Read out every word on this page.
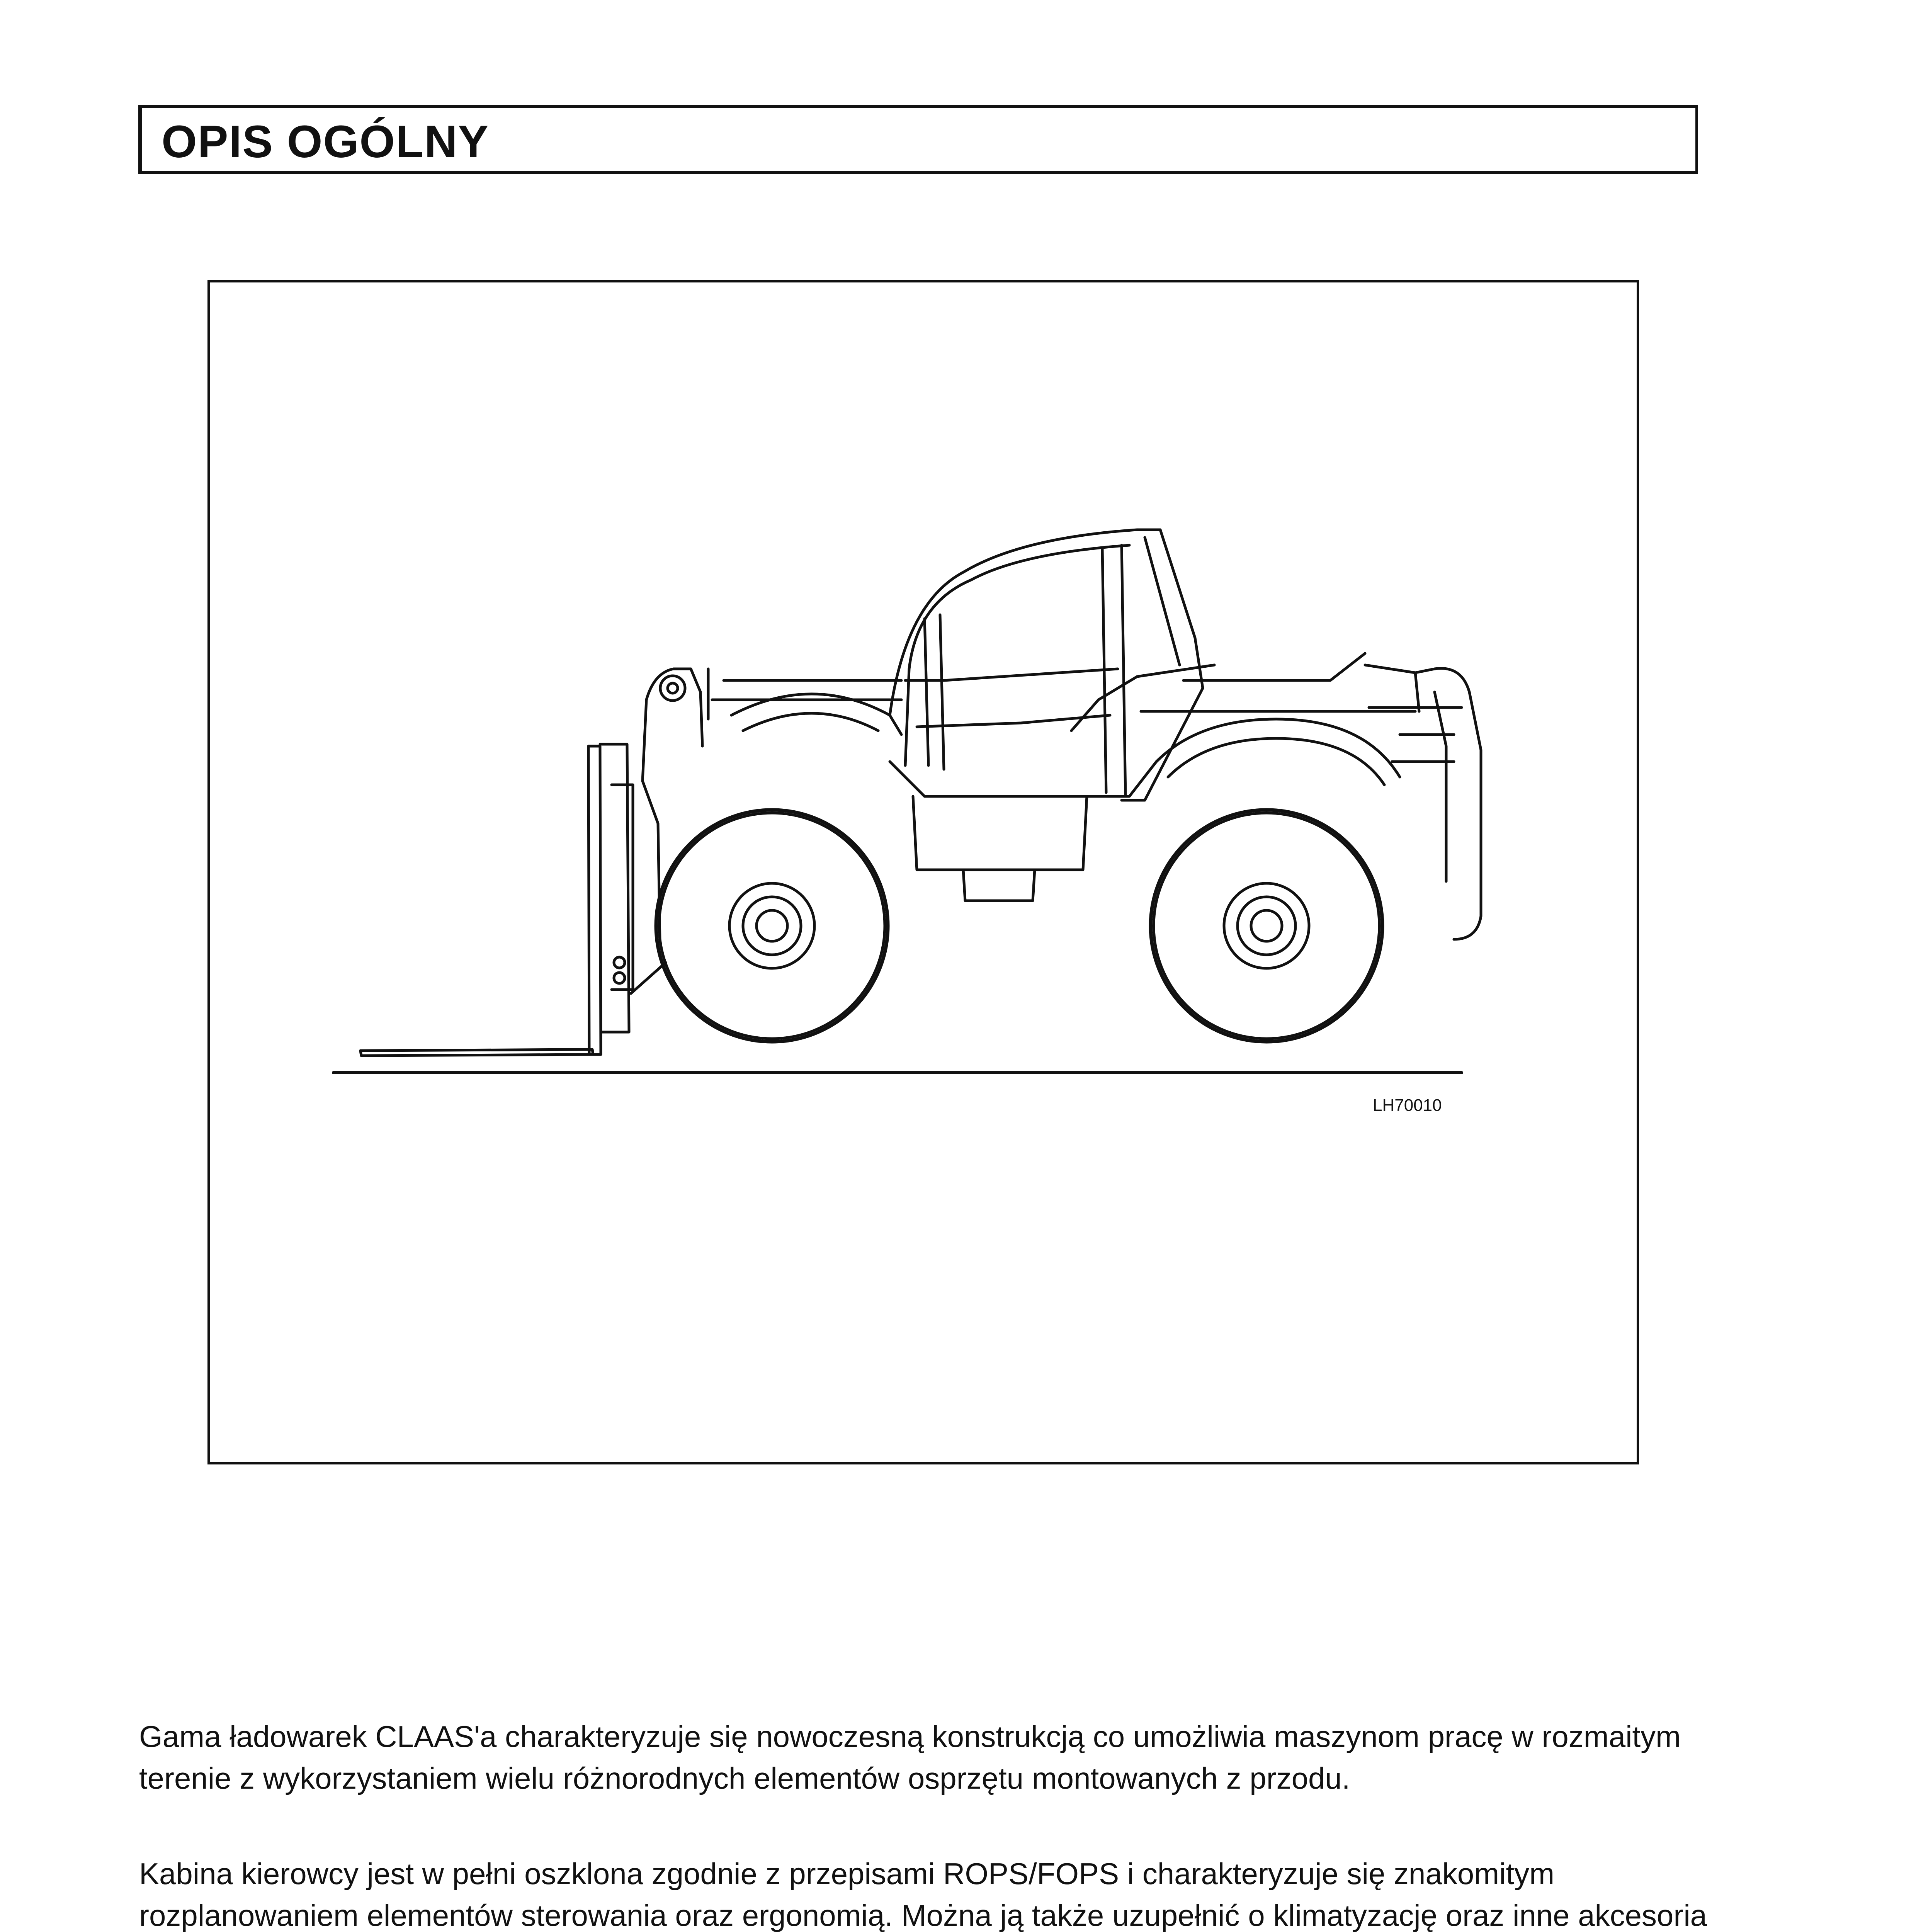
OPIS OGÓLNY
LH70010

Gama ładowarek CLAAS'a charakteryzuje się nowoczesną konstrukcją co umożliwia maszynom pracę w rozmaitym terenie z wykorzystaniem wielu różnorodnych elementów osprzętu montowanych z przodu.

Kabina kierowcy jest w pełni oszklona zgodnie z przepisami ROPS/FOPS i charakteryzuje się znakomitym rozplanowaniem elementów sterowania oraz ergonomią. Można ją także uzupełnić o klimatyzację oraz inne akcesoria
